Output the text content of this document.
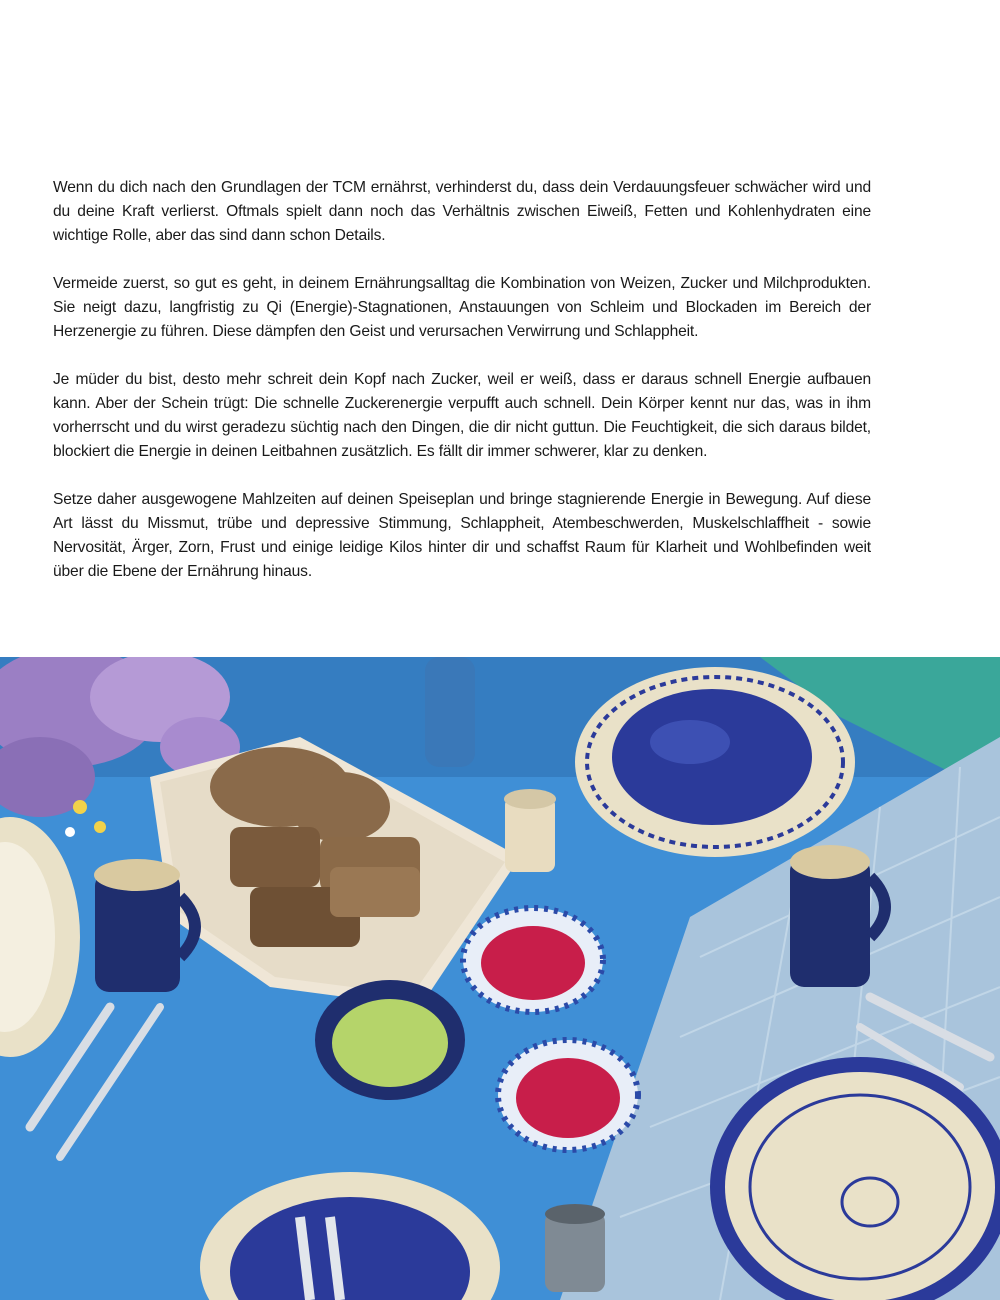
Wenn du dich nach den Grundlagen der TCM ernährst, verhinderst du, dass dein Verdauungsfeuer schwächer wird und du deine Kraft verlierst. Oftmals spielt dann noch das Verhältnis zwischen Eiweiß, Fetten und Kohlenhydraten eine wichtige Rolle, aber das sind dann schon Details.

Vermeide zuerst, so gut es geht, in deinem Ernährungsalltag die Kombination von Weizen, Zucker und Milchprodukten. Sie neigt dazu, langfristig zu Qi (Energie)-Stagnationen, Anstauungen von Schleim und Blockaden im Bereich der Herzenergie zu führen. Diese dämpfen den Geist und verursachen Verwirrung und Schlappheit.

Je müder du bist, desto mehr schreit dein Kopf nach Zucker, weil er weiß, dass er daraus schnell Energie aufbauen kann. Aber der Schein trügt: Die schnelle Zuckerenergie verpufft auch schnell. Dein Körper kennt nur das, was in ihm vorherrscht und du wirst geradezu süchtig nach den Dingen, die dir nicht guttun. Die Feuchtigkeit, die sich daraus bildet, blockiert die Energie in deinen Leitbahnen zusätzlich. Es fällt dir immer schwerer, klar zu denken.

Setze daher ausgewogene Mahlzeiten auf deinen Speiseplan und bringe stagnierende Energie in Bewegung. Auf diese Art lässt du Missmut, trübe und depressive Stimmung, Schlappheit, Atembeschwerden, Muskelschlaffheit - sowie Nervosität, Ärger, Zorn, Frust und einige leidige Kilos hinter dir und schaffst Raum für Klarheit und Wohlbefinden weit über die Ebene der Ernährung hinaus.
